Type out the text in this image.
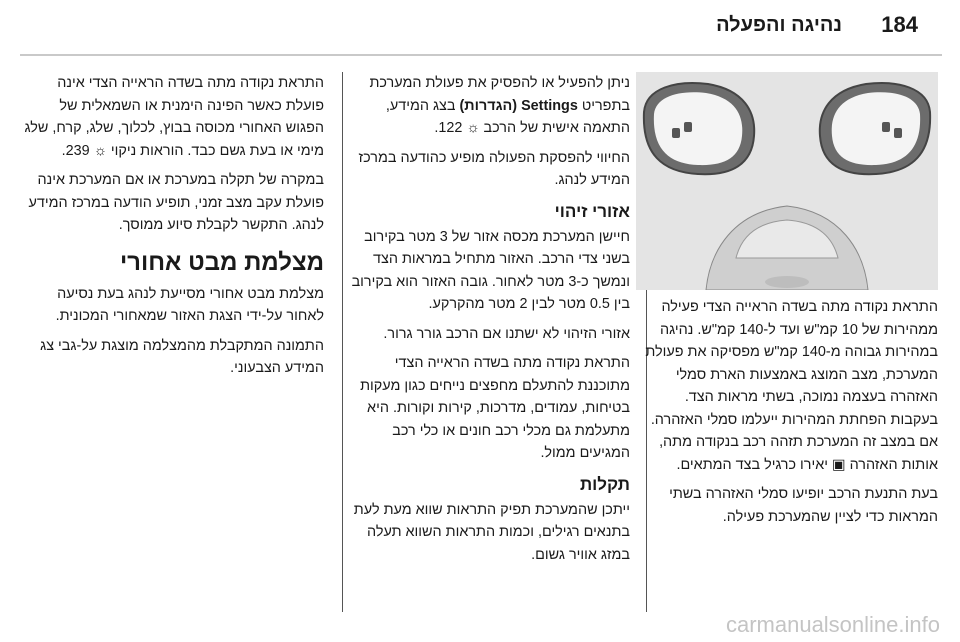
נהיגה והפעלה 184

התראת נקודה מתה בשדה הראייה הצדי פעילה ממהירות של 10 קמ"ש ועד ל-140 קמ"ש. נהיגה במהירות גבוהה מ-140 קמ"ש מפסיקה את פעולת המערכת, מצב המוצג באמצעות הארת סמלי האזהרה בעצמה נמוכה, בשתי מראות הצד. בעקבות הפחתת המהירות ייעלמו סמלי האזהרה. אם במצב זה המערכת תזהה רכב בנקודה מתה, אותות האזהרה ▣ יאירו כרגיל בצד המתאים.

בעת התנעת הרכב יופיעו סמלי האזהרה בשתי המראות כדי לציין שהמערכת פעילה.

ניתן להפעיל או להפסיק את פעולת המערכת בתפריט Settings (הגדרות) בצג המידע, התאמה אישית של הרכב ☼ 122.

החיווי להפסקת הפעולה מופיע כהודעה במרכז המידע לנהג.

אזורי זיהוי

חיישן המערכת מכסה אזור של 3 מטר בקירוב בשני צדי הרכב. האזור מתחיל במראות הצד ונמשך כ-3 מטר לאחור. גובה האזור הוא בקירוב בין 0.5 מטר לבין 2 מטר מהקרקע.

אזורי הזיהוי לא ישתנו אם הרכב גורר גרור.

התראת נקודה מתה בשדה הראייה הצדי מתוכננת להתעלם מחפצים נייחים כגון מעקות בטיחות, עמודים, מדרכות, קירות וקורות. היא מתעלמת גם מכלי רכב חונים או כלי רכב המגיעים ממול.

תקלות

ייתכן שהמערכת תפיק התראות שווא מעת לעת בתנאים רגילים, וכמות התראות השווא תעלה במזג אוויר גשום.

התראת נקודה מתה בשדה הראייה הצדי אינה פועלת כאשר הפינה הימנית או השמאלית של הפגוש האחורי מכוסה בבוץ, לכלוך, שלג, קרח, שלג מימי או בעת גשם כבד. הוראות ניקוי ☼ 239.

במקרה של תקלה במערכת או אם המערכת אינה פועלת עקב מצב זמני, תופיע הודעה במרכז המידע לנהג. התקשר לקבלת סיוע ממוסך.

מצלמת מבט אחורי

מצלמת מבט אחורי מסייעת לנהג בעת נסיעה לאחור על-ידי הצגת האזור שמאחורי המכונית.

התמונה המתקבלת מהמצלמה מוצגת על-גבי צג המידע הצבעוני.

carmanualsonline.info
